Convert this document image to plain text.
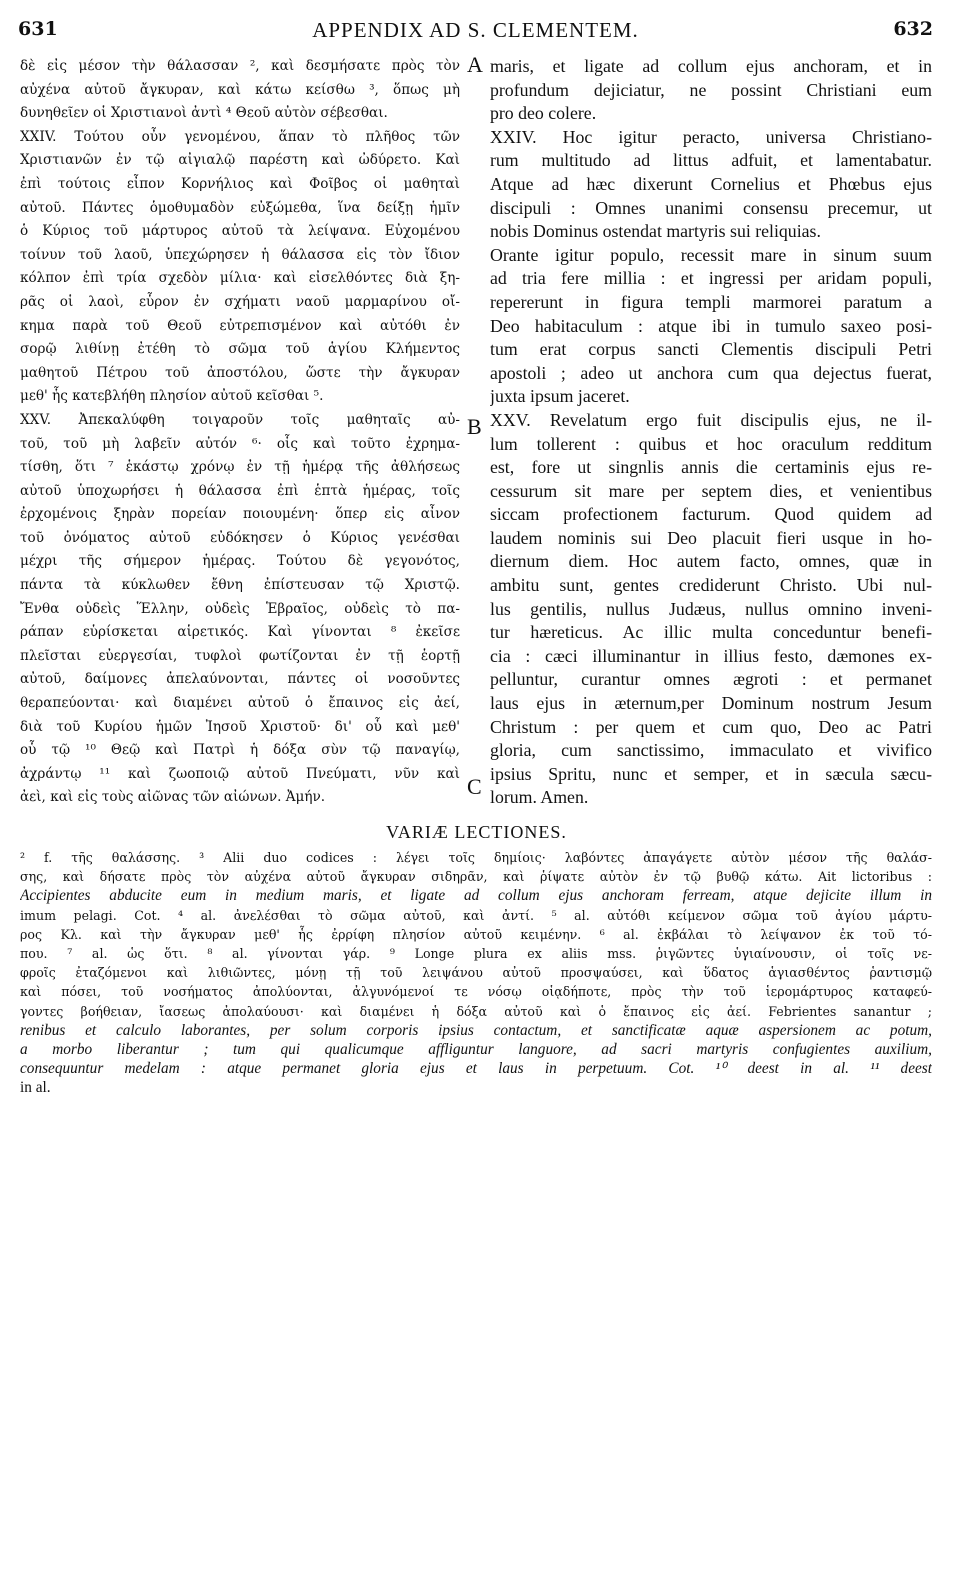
631	APPENDIX AD S. CLEMENTEM.	632
δὲ εἰς μέσον τὴν θάλασσαν ², καὶ δεσμήσατε πρὸς τὸν
αὐχένα αὐτοῦ ἄγκυραν, καὶ κάτω κείσθω ³, ὅπως μὴ
δυνηθεῖεν οἱ Χριστιανοὶ ἀντὶ ⁴ Θεοῦ αὐτὸν σέβεσθαι.
XXIV. Τούτου οὖν γενομένου, ἅπαν τὸ πλῆθος τῶν
Χριστιανῶν ἐν τῷ αἰγιαλῷ παρέστη καὶ ὠδύρετο. Καὶ
ἐπὶ τούτοις εἶπον Κορνήλιος καὶ Φοῖβος οἱ μαθηταὶ
αὐτοῦ. Πάντες ὁμοθυμαδὸν εὐξώμεθα, ἵνα δείξῃ ἡμῖν
ὁ Κύριος τοῦ μάρτυρος αὐτοῦ τὰ λείψανα. Εὐχομένου
τοίνυν τοῦ λαοῦ, ὑπεχώρησεν ἡ θάλασσα εἰς τὸν ἴδιον
κόλπον ἐπὶ τρία σχεδὸν μίλια· καὶ εἰσελθόντες διὰ ξη-
ρᾶς οἱ λαοὶ, εὗρον ἐν σχήματι ναοῦ μαρμαρίνου οἴ-
κημα παρὰ τοῦ Θεοῦ εὐτρεπισμένον καὶ αὐτόθι ἐν
σορῷ λιθίνῃ ἐτέθη τὸ σῶμα τοῦ ἁγίου Κλήμεντος
μαθητοῦ Πέτρου τοῦ ἀποστόλου, ὥστε τὴν ἄγκυραν
μεθ' ἧς κατεβλήθη πλησίον αὐτοῦ κεῖσθαι ⁵.
XXV. Ἀπεκαλύφθη τοιγαροῦν τοῖς μαθηταῖς αὐ-
τοῦ, τοῦ μὴ λαβεῖν αὐτόν ⁶· οἷς καὶ τοῦτο ἐχρημα-
τίσθη, ὅτι ⁷ ἑκάστῳ χρόνῳ ἐν τῇ ἡμέρᾳ τῆς ἀθλήσεως
αὐτοῦ ὑποχωρήσει ἡ θάλασσα ἐπὶ ἑπτὰ ἡμέρας, τοῖς
ἐρχομένοις ξηρὰν πορείαν ποιουμένη· ὅπερ εἰς αἶνον
τοῦ ὀνόματος αὐτοῦ εὐδόκησεν ὁ Κύριος γενέσθαι
μέχρι τῆς σήμερον ἡμέρας. Τούτου δὲ γεγονότος,
πάντα τὰ κύκλωθεν ἔθνη ἐπίστευσαν τῷ Χριστῷ.
Ἔνθα οὐδεὶς Ἕλλην, οὐδεὶς Ἑβραῖος, οὐδεὶς τὸ πα-
ράπαν εὑρίσκεται αἱρετικός. Καὶ γίνονται ⁸ ἐκεῖσε
πλεῖσται εὐεργεσίαι, τυφλοὶ φωτίζονται ἐν τῇ ἑορτῇ
αὐτοῦ, δαίμονες ἀπελαύνονται, πάντες οἱ νοσοῦντες
θεραπεύονται· καὶ διαμένει αὐτοῦ ὁ ἔπαινος εἰς ἀεί,
διὰ τοῦ Κυρίου ἡμῶν Ἰησοῦ Χριστοῦ· δι' οὗ καὶ μεθ'
οὗ τῷ ¹⁰ Θεῷ καὶ Πατρὶ ἡ δόξα σὺν τῷ παναγίῳ,
ἀχράντῳ ¹¹ καὶ ζωοποιῷ αὐτοῦ Πνεύματι, νῦν καὶ
ἀεὶ, καὶ εἰς τοὺς αἰῶνας τῶν αἰώνων. Ἀμήν.
A
B
C
maris, et ligate ad collum ejus anchoram, et in
profundum dejiciatur, ne possint Christiani eum
pro deo colere.
XXIV. Hoc igitur peracto, universa Christiano-
rum multitudo ad littus adfuit, et lamentabatur.
Atque ad hæc dixerunt Cornelius et Phœbus ejus
discipuli : Omnes unanimi consensu precemur, ut
nobis Dominus ostendat martyris sui reliquias.
Orante igitur populo, recessit mare in sinum suum
ad tria fere millia : et ingressi per aridam populi,
repererunt in figura templi marmorei paratum a
Deo habitaculum : atque ibi in tumulo saxeo posi-
tum erat corpus sancti Clementis discipuli Petri
apostoli ; adeo ut anchora cum qua dejectus fuerat,
juxta ipsum jaceret.
XXV. Revelatum ergo fuit discipulis ejus, ne il-
lum tollerent : quibus et hoc oraculum redditum
est, fore ut singnlis annis die certaminis ejus re-
cessurum sit mare per septem dies, et venientibus
siccam profectionem facturum. Quod quidem ad
laudem nominis sui Deo placuit fieri usque in ho-
diernum diem. Hoc autem facto, omnes, quæ in
ambitu sunt, gentes crediderunt Christo. Ubi nul-
lus gentilis, nullus Judæus, nullus omnino inveni-
tur hæreticus. Ac illic multa conceduntur benefi-
cia : cæci illuminantur in illius festo, dæmones ex-
pelluntur, curantur omnes ægroti : et permanet
laus ejus in æternum,per Dominum nostrum Jesum
Christum : per quem et cum quo, Deo ac Patri
gloria, cum sanctissimo, immaculato et vivifico
ipsius Spritu, nunc et semper, et in sæcula sæcu-
lorum. Amen.
VARIÆ LECTIONES.
² f. τῆς θαλάσσης. ³ Alii duo codices : λέγει τοῖς δημίοις· λαβόντες ἀπαγάγετε αὐτὸν μέσον τῆς θαλάσ-
σης, καὶ δήσατε πρὸς τὸν αὐχένα αὐτοῦ ἄγκυραν σιδηρᾶν, καὶ ῥίψατε αὐτὸν ἐν τῷ βυθῷ κάτω. Ait lictoribus :
Accipientes abducite eum in medium maris, et ligate ad collum ejus anchoram ferream, atque dejicite illum in
imum pelagi. Cot. ⁴ al. ἀνελέσθαι τὸ σῶμα αὐτοῦ, καὶ ἀντί. ⁵ al. αὐτόθι κείμενον σῶμα τοῦ ἁγίου μάρτυ-
ρος Κλ. καὶ τὴν ἄγκυραν μεθ' ἧς ἐρρίφη πλησίον αὐτοῦ κειμένην. ⁶ al. ἐκβάλαι τὸ λείψανον ἐκ τοῦ τό-
που. ⁷ al. ὡς ὅτι. ⁸ al. γίνονται γάρ. ⁹ Longe plura ex aliis mss. ῥιγῶντες ὑγιαίνουσιν, οἱ τοῖς νε-
φροῖς ἐταζόμενοι καὶ λιθιῶντες, μόνῃ τῇ τοῦ λειψάνου αὐτοῦ προσψαύσει, καὶ ὕδατος ἁγιασθέντος ῥαντισμῷ
καὶ πόσει, τοῦ νοσήματος ἀπολύονται, ἀλγυνόμενοί τε νόσῳ οἱᾳδήποτε, πρὸς τὴν τοῦ ἱερομάρτυρος καταφεύ-
γοντες βοήθειαν, ἴασεως ἀπολαύουσι· καὶ διαμένει ἡ δόξα αὐτοῦ καὶ ὁ ἔπαινος εἰς ἀεί. Febrientes sanantur ;
renibus et calculo laborantes, per solum corporis ipsius contactum, et sanctificatæ aquæ aspersionem ac potum,
a morbo liberantur ; tum qui qualicumque affliguntur languore, ad sacri martyris confugientes auxilium,
consequuntur medelam : atque permanet gloria ejus et laus in perpetuum. Cot. ¹⁰ deest in al. ¹¹ deest
in al.
